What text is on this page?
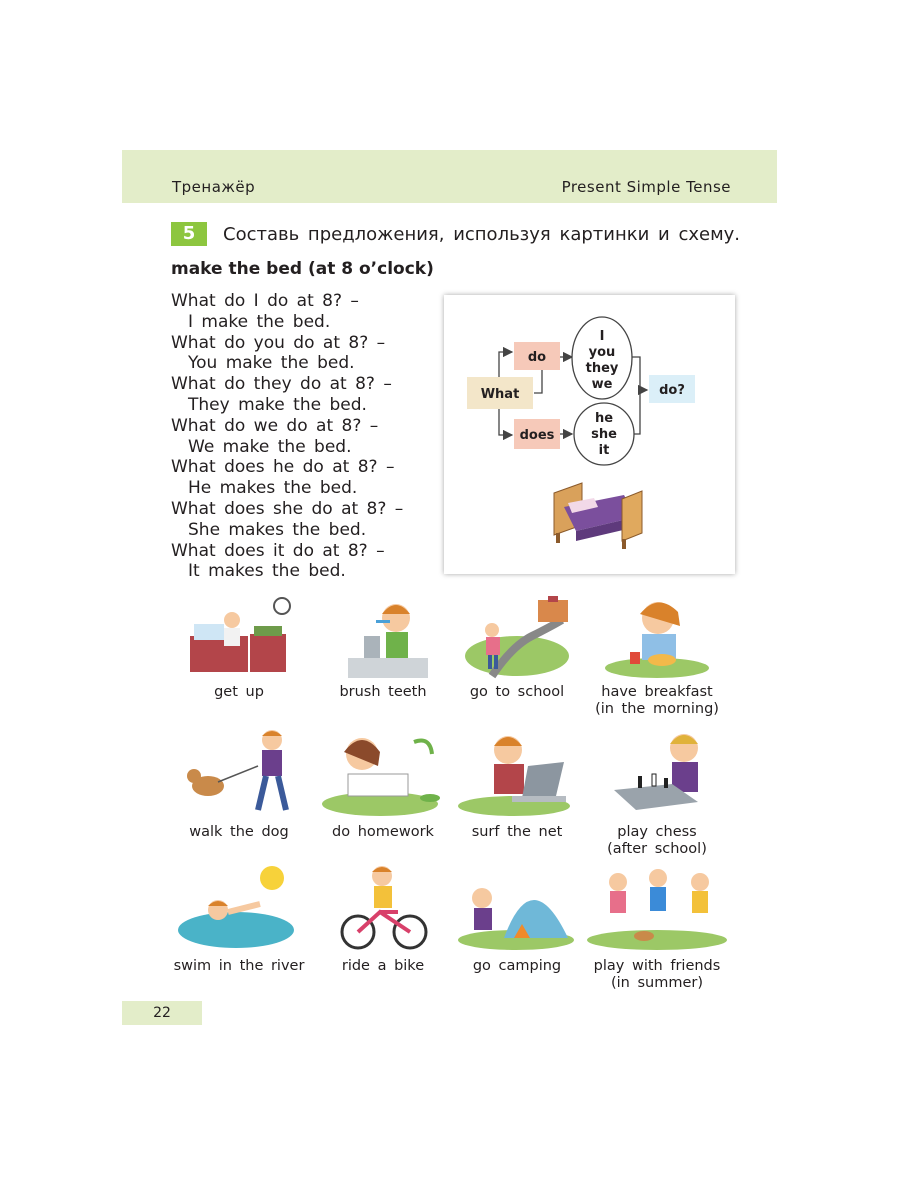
Тренажёр	Present Simple Tense
5	Составь предложения, используя картинки и схему.
make the bed (at 8 o’clock)

What do I do at 8? –

I make the bed.

What do you do at 8? –

You make the bed.

What do they do at 8? –

They make the bed.

What do we do at 8? –

We make the bed.

What does he do at 8? –

He makes the bed.

What does she do at 8? –

She makes the bed.

What does it do at 8? –

It makes the bed.

What
do
does
I
you
they
we
he
she
it
do?
get up	brush teeth	go to school	have breakfast
(in the morning)
walk the dog	do homework	surf the net	play chess
(after school)
swim in the river	ride a bike	go camping	play with friends
(in summer)
22
